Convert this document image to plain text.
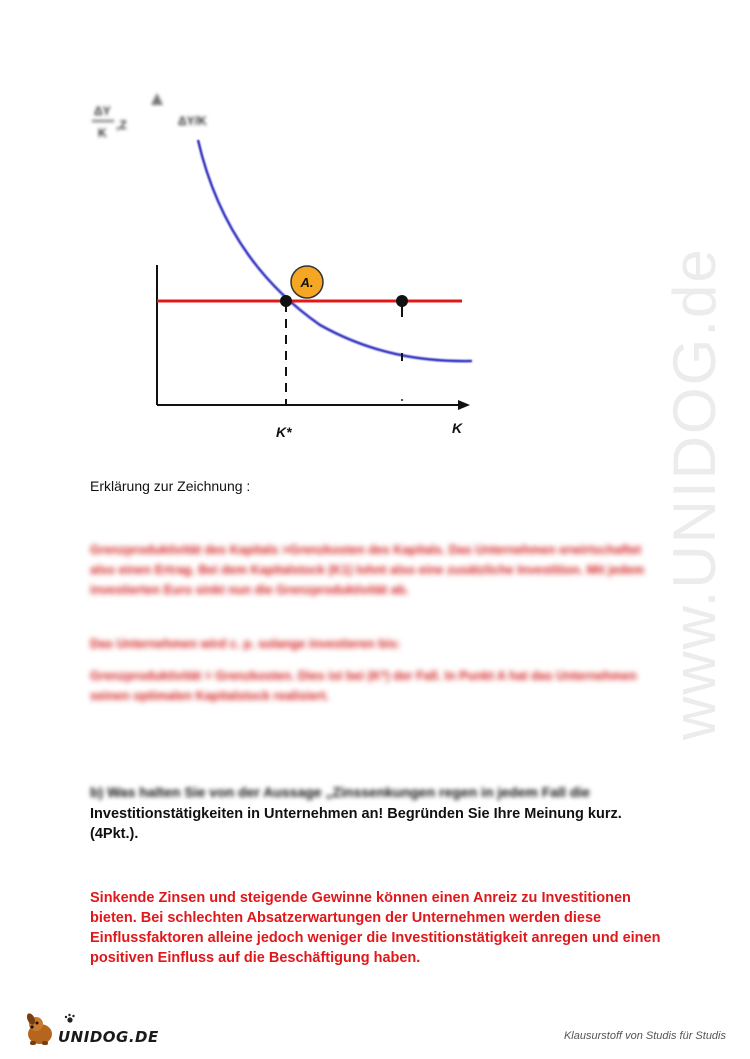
www.UNIDOG.de
ΔY
K
,Z	ΔY/K
A.
K*	K
Erklärung zur Zeichnung :
Grenzproduktivität des Kapitals >Grenzkosten des Kapitals. Das Unternehmen erwirtschaftet also einen Ertrag. Bei dem Kapitalstock (K1) lohnt also eine zusätzliche Investition. Mit jedem investierten Euro sinkt nun die Grenzproduktivität ab.
Das Unternehmen wird c. p. solange investieren bis:
Grenzproduktivität = Grenzkosten. Dies ist bei (K*) der Fall. In Punkt A hat das Unternehmen seinen optimalen Kapitalstock realisiert.
b) Was halten Sie von der Aussage „Zinssenkungen regen in jedem Fall die
Investitionstätigkeiten in Unternehmen an! Begründen Sie Ihre Meinung kurz. (4Pkt.).
Sinkende Zinsen und steigende Gewinne können einen Anreiz zu Investitionen bieten. Bei schlechten Absatzerwartungen der Unternehmen werden diese Einflussfaktoren alleine jedoch weniger die Investitionstätigkeit anregen und einen positiven Einfluss auf die Beschäftigung haben.
UNIDOG.DE	Klausurstoff von Studis für Studis
